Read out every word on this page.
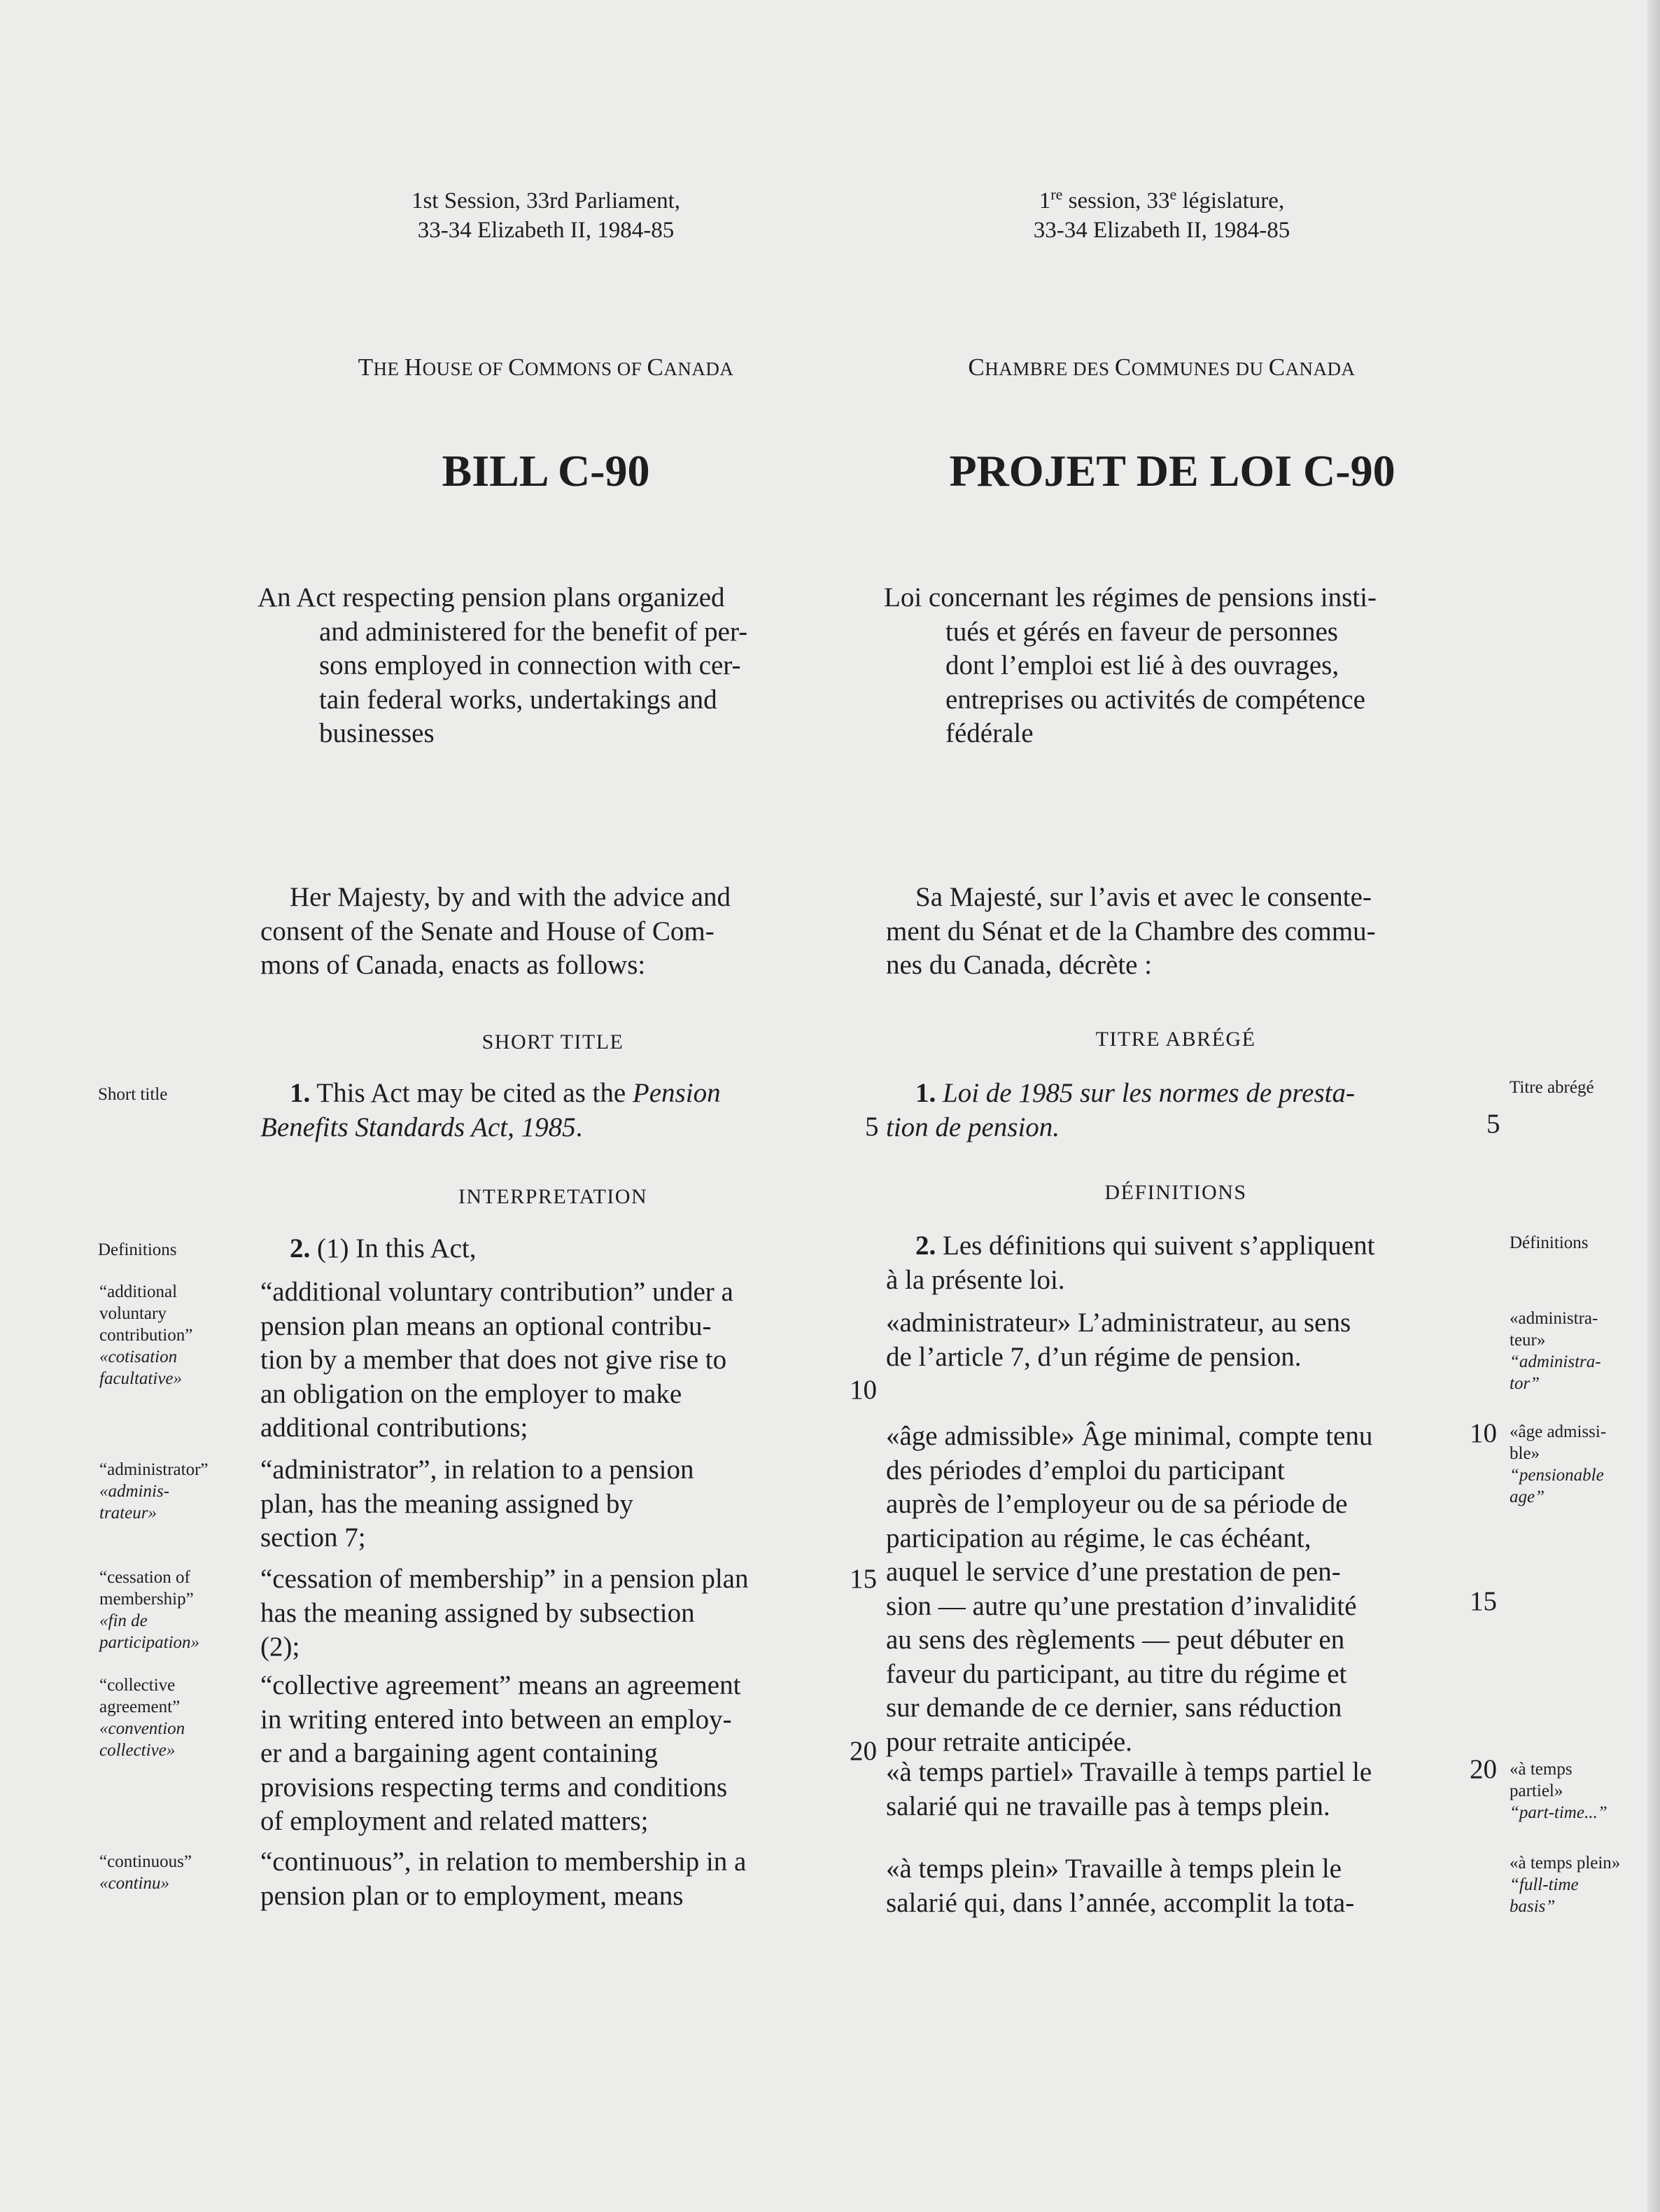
1st Session, 33rd Parliament,
33-34 Elizabeth II, 1984-85
1re session, 33e législature,
33-34 Elizabeth II, 1984-85
THE HOUSE OF COMMONS OF CANADA	CHAMBRE DES COMMUNES DU CANADA
BILL C-90	PROJET DE LOI C-90
An Act respecting pension plans organized
and administered for the benefit of per-
sons employed in connection with cer-
tain federal works, undertakings and
businesses
Loi concernant les régimes de pensions insti-
tués et gérés en faveur de personnes
dont l’emploi est lié à des ouvrages,
entreprises ou activités de compétence
fédérale
Her Majesty, by and with the advice and
consent of the Senate and House of Com-
mons of Canada, enacts as follows:
Sa Majesté, sur l’avis et avec le consente-
ment du Sénat et de la Chambre des commu-
nes du Canada, décrète :
SHORT TITLE	TITRE ABRÉGÉ
Short title	Titre abrégé
1. This Act may be cited as the Pension
Benefits Standards Act, 1985.	5
1. Loi de 1985 sur les normes de presta-
tion de pension.	5
INTERPRETATION	DÉFINITIONS
2. (1) In this Act,
Definitions
“additional voluntary contribution” under a
pension plan means an optional contribu-
tion by a member that does not give rise to
an obligation on the employer to make
additional contributions;
“additional
voluntary
contribution”
«cotisation
facultative»	10
“administrator”, in relation to a pension
plan, has the meaning assigned by
section 7;
“administrator”
«adminis-
trateur»
“cessation of membership” in a pension plan
has the meaning assigned by subsection
(2);
15
“cessation of
membership”
«fin de
participation»
“collective agreement” means an agreement
in writing entered into between an employ-
er and a bargaining agent containing
provisions respecting terms and conditions
of employment and related matters;
20
“collective
agreement”
«convention
collective»
“continuous”, in relation to membership in a
pension plan or to employment, means
“continuous”
«continu»
2. Les définitions qui suivent s’appliquent
à la présente loi.
Définitions
«administrateur» L’administrateur, au sens
de l’article 7, d’un régime de pension.
«administra-
teur»
“administra-
tor”
«âge admissible» Âge minimal, compte tenu
des périodes d’emploi du participant
auprès de l’employeur ou de sa période de
participation au régime, le cas échéant,
auquel le service d’une prestation de pen-
sion — autre qu’une prestation d’invalidité
au sens des règlements — peut débuter en
faveur du participant, au titre du régime et
sur demande de ce dernier, sans réduction
pour retraite anticipée.
10
15
«âge admissi-
ble»
“pensionable
age”
«à temps partiel» Travaille à temps partiel le
salarié qui ne travaille pas à temps plein.
20 «à temps
partiel»
“part-time...”
«à temps plein» Travaille à temps plein le
salarié qui, dans l’année, accomplit la tota-
«à temps plein»
“full-time
basis”
